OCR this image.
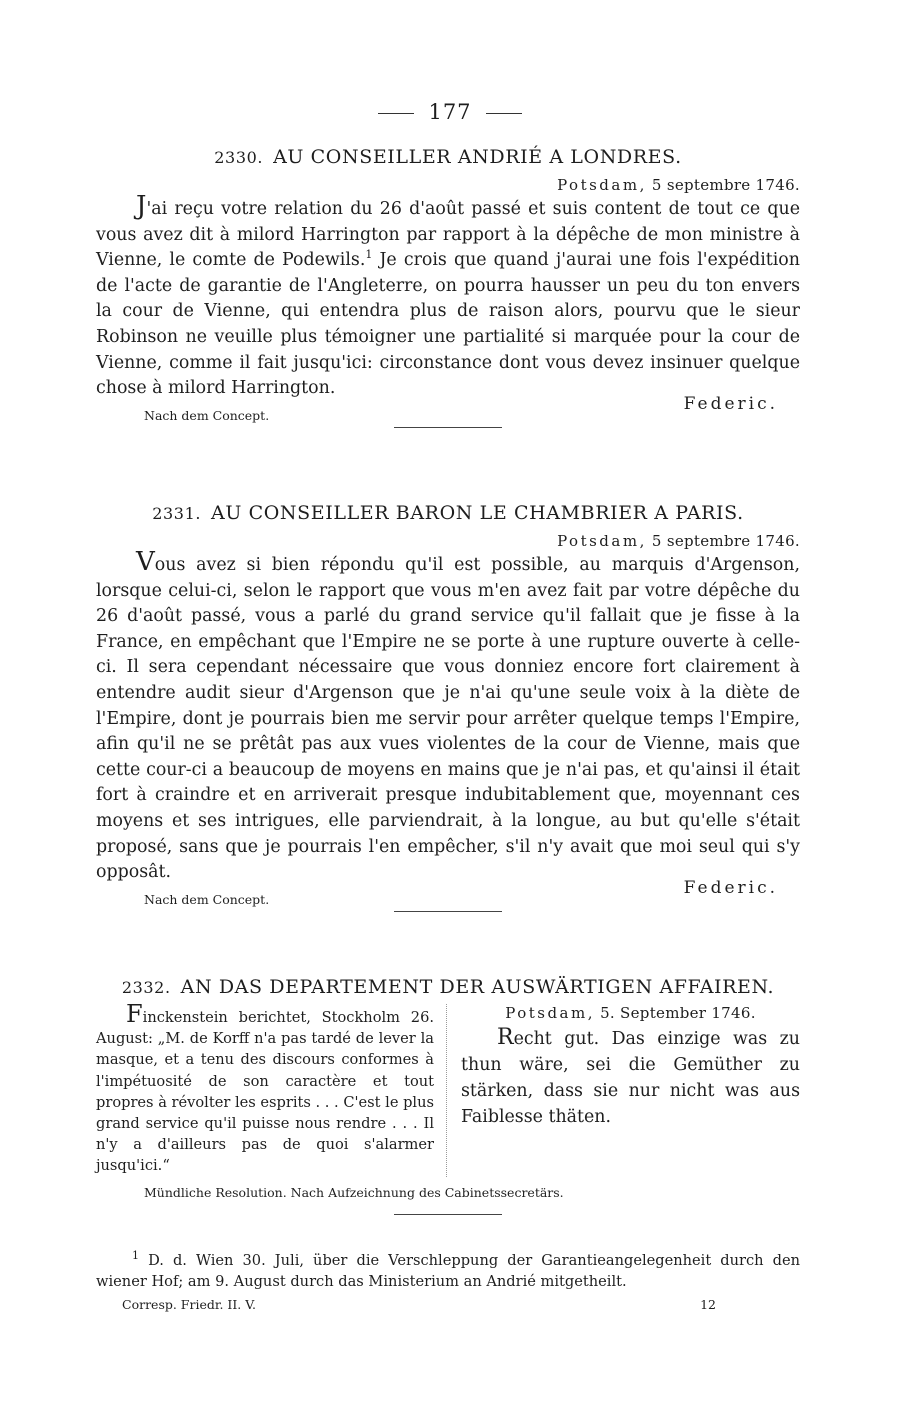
177
2330. AU CONSEILLER ANDRIÉ A LONDRES.
Potsdam, 5 septembre 1746.
J'ai reçu votre relation du 26 d'août passé et suis content de tout ce que vous avez dit à milord Harrington par rapport à la dépêche de mon ministre à Vienne, le comte de Podewils.$^1$ Je crois que quand j'aurai une fois l'expédition de l'acte de garantie de l'Angleterre, on pourra hausser un peu du ton envers la cour de Vienne, qui entendra plus de raison alors, pourvu que le sieur Robinson ne veuille plus témoigner une partialité si marquée pour la cour de Vienne, comme il fait jusqu'ici: circonstance dont vous devez insinuer quelque chose à milord Harrington.
Federic.
Nach dem Concept.
2331. AU CONSEILLER BARON LE CHAMBRIER A PARIS.
Potsdam, 5 septembre 1746.
Vous avez si bien répondu qu'il est possible, au marquis d'Argenson, lorsque celui-ci, selon le rapport que vous m'en avez fait par votre dépêche du 26 d'août passé, vous a parlé du grand service qu'il fallait que je fisse à la France, en empêchant que l'Empire ne se porte à une rupture ouverte à celle-ci. Il sera cependant nécessaire que vous donniez encore fort clairement à entendre audit sieur d'Argenson que je n'ai qu'une seule voix à la diète de l'Empire, dont je pourrais bien me servir pour arrêter quelque temps l'Empire, afin qu'il ne se prêtât pas aux vues violentes de la cour de Vienne, mais que cette cour-ci a beaucoup de moyens en mains que je n'ai pas, et qu'ainsi il était fort à craindre et en arriverait presque indubitablement que, moyennant ces moyens et ses intrigues, elle parviendrait, à la longue, au but qu'elle s'était proposé, sans que je pourrais l'en empêcher, s'il n'y avait que moi seul qui s'y opposât.
Federic.
Nach dem Concept.
2332. AN DAS DEPARTEMENT DER AUSWÄRTIGEN AFFAIREN.
Finckenstein berichtet, Stockholm 26. August: „M. de Korff n'a pas tardé de lever la masque, et a tenu des discours conformes à l'impétuosité de son caractère et tout propres à révolter les esprits . . . C'est le plus grand service qu'il puisse nous rendre . . . Il n'y a d'ailleurs pas de quoi s'alarmer jusqu'ici.“
Potsdam, 5. September 1746.
Recht gut. Das einzige was zu thun wäre, sei die Gemüther zu stärken, dass sie nur nicht was aus Faiblesse thäten.
Mündliche Resolution. Nach Aufzeichnung des Cabinetssecretärs.
$^1$ D. d. Wien 30. Juli, über die Verschleppung der Garantieangelegenheit durch den wiener Hof; am 9. August durch das Ministerium an Andrié mitgetheilt.
Corresp. Friedr. II. V.	12
